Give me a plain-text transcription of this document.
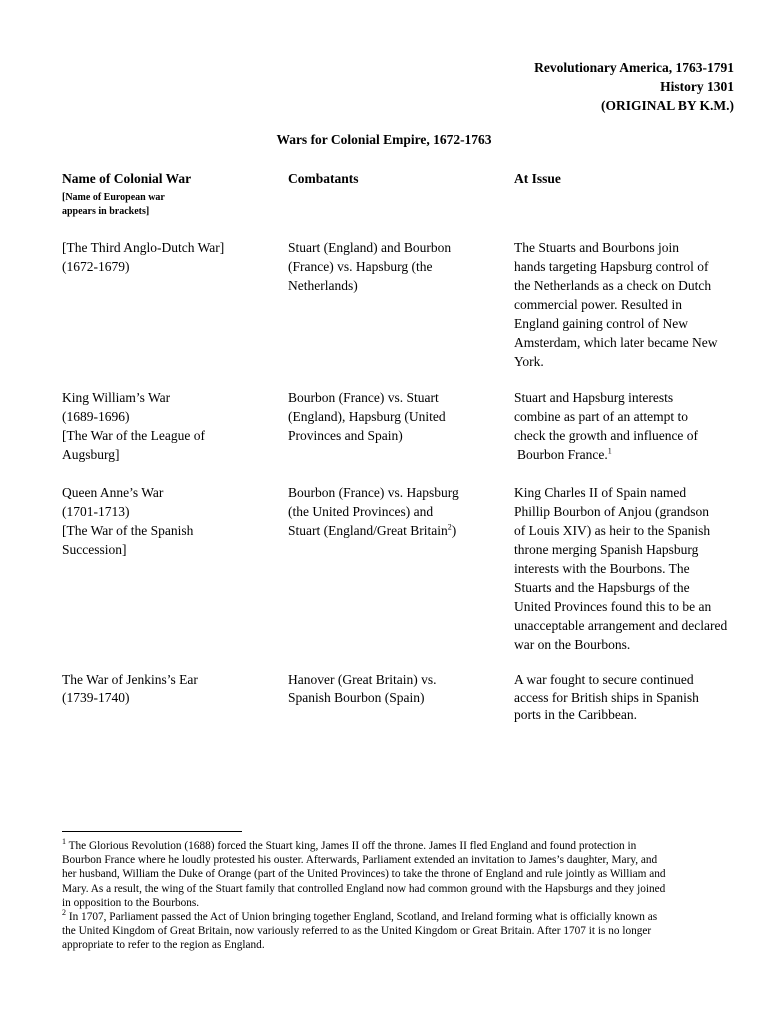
Revolutionary America, 1763-1791
History 1301
(ORIGINAL BY K.M.)
Wars for Colonial Empire, 1672-1763
Name of Colonial War
[Name of European war
appears in brackets]
Combatants	At Issue
[The Third Anglo-Dutch War]
(1672-1679)
Stuart (England) and Bourbon
(France) vs. Hapsburg (the
Netherlands)
The Stuarts and Bourbons join
hands targeting Hapsburg control of
the Netherlands as a check on Dutch
commercial power. Resulted in
England gaining control of New
Amsterdam, which later became New
York.
King William’s War
(1689-1696)
[The War of the League of
Augsburg]
Bourbon (France) vs. Stuart
(England), Hapsburg (United
Provinces and Spain)
Stuart and Hapsburg interests
combine as part of an attempt to
check the growth and influence of
Bourbon France.$^1$
Queen Anne’s War
(1701-1713)
[The War of the Spanish
Succession]
Bourbon (France) vs. Hapsburg
(the United Provinces) and
Stuart (England/Great Britain$^2$)
King Charles II of Spain named
Phillip Bourbon of Anjou (grandson
of Louis XIV) as heir to the Spanish
throne merging Spanish Hapsburg
interests with the Bourbons. The
Stuarts and the Hapsburgs of the
United Provinces found this to be an
unacceptable arrangement and declared
war on the Bourbons.
The War of Jenkins’s Ear
(1739-1740)
Hanover (Great Britain) vs.
Spanish Bourbon (Spain)
A war fought to secure continued
access for British ships in Spanish
ports in the Caribbean.
$^1$ The Glorious Revolution (1688) forced the Stuart king, James II off the throne. James II fled England and found protection in
Bourbon France where he loudly protested his ouster. Afterwards, Parliament extended an invitation to James’s daughter, Mary, and
her husband, William the Duke of Orange (part of the United Provinces) to take the throne of England and rule jointly as William and
Mary. As a result, the wing of the Stuart family that controlled England now had common ground with the Hapsburgs and they joined
in opposition to the Bourbons.
$^2$ In 1707, Parliament passed the Act of Union bringing together England, Scotland, and Ireland forming what is officially known as
the United Kingdom of Great Britain, now variously referred to as the United Kingdom or Great Britain. After 1707 it is no longer
appropriate to refer to the region as England.
